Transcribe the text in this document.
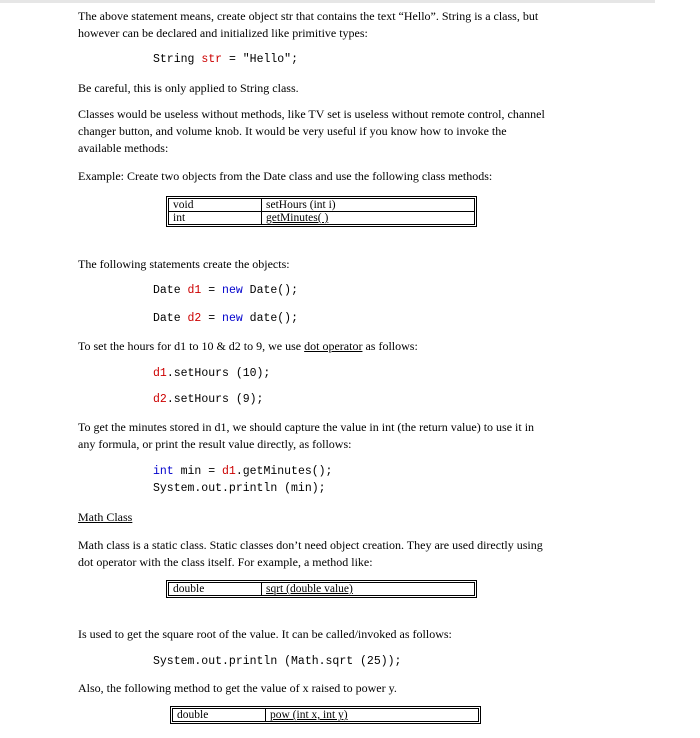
The above statement means, create object str that contains the text “Hello”. String is a class, but
however can be declared and initialized like primitive types:

String str = "Hello";

Be careful, this is only applied to String class.

Classes would be useless without methods, like TV set is useless without remote control, channel
changer button, and volume knob. It would be very useful if you know how to invoke the
available methods:

Example: Create two objects from the Date class and use the following class methods:

void	setHours (int i)
int	getMinutes( )

The following statements create the objects:

Date d1 = new Date();
Date d2 = new date();

To set the hours for d1 to 10 & d2 to 9, we use dot operator as follows:

d1.setHours (10);
d2.setHours (9);

To get the minutes stored in d1, we should capture the value in int (the return value) to use it in
any formula, or print the result value directly, as follows:

int min = d1.getMinutes();
System.out.println (min);

Math Class

Math class is a static class. Static classes don’t need object creation. They are used directly using
dot operator with the class itself. For example, a method like:

double	sqrt (double value)

Is used to get the square root of the value. It can be called/invoked as follows:

System.out.println (Math.sqrt (25));

Also, the following method to get the value of x raised to power y.

double	pow (int x, int y)
